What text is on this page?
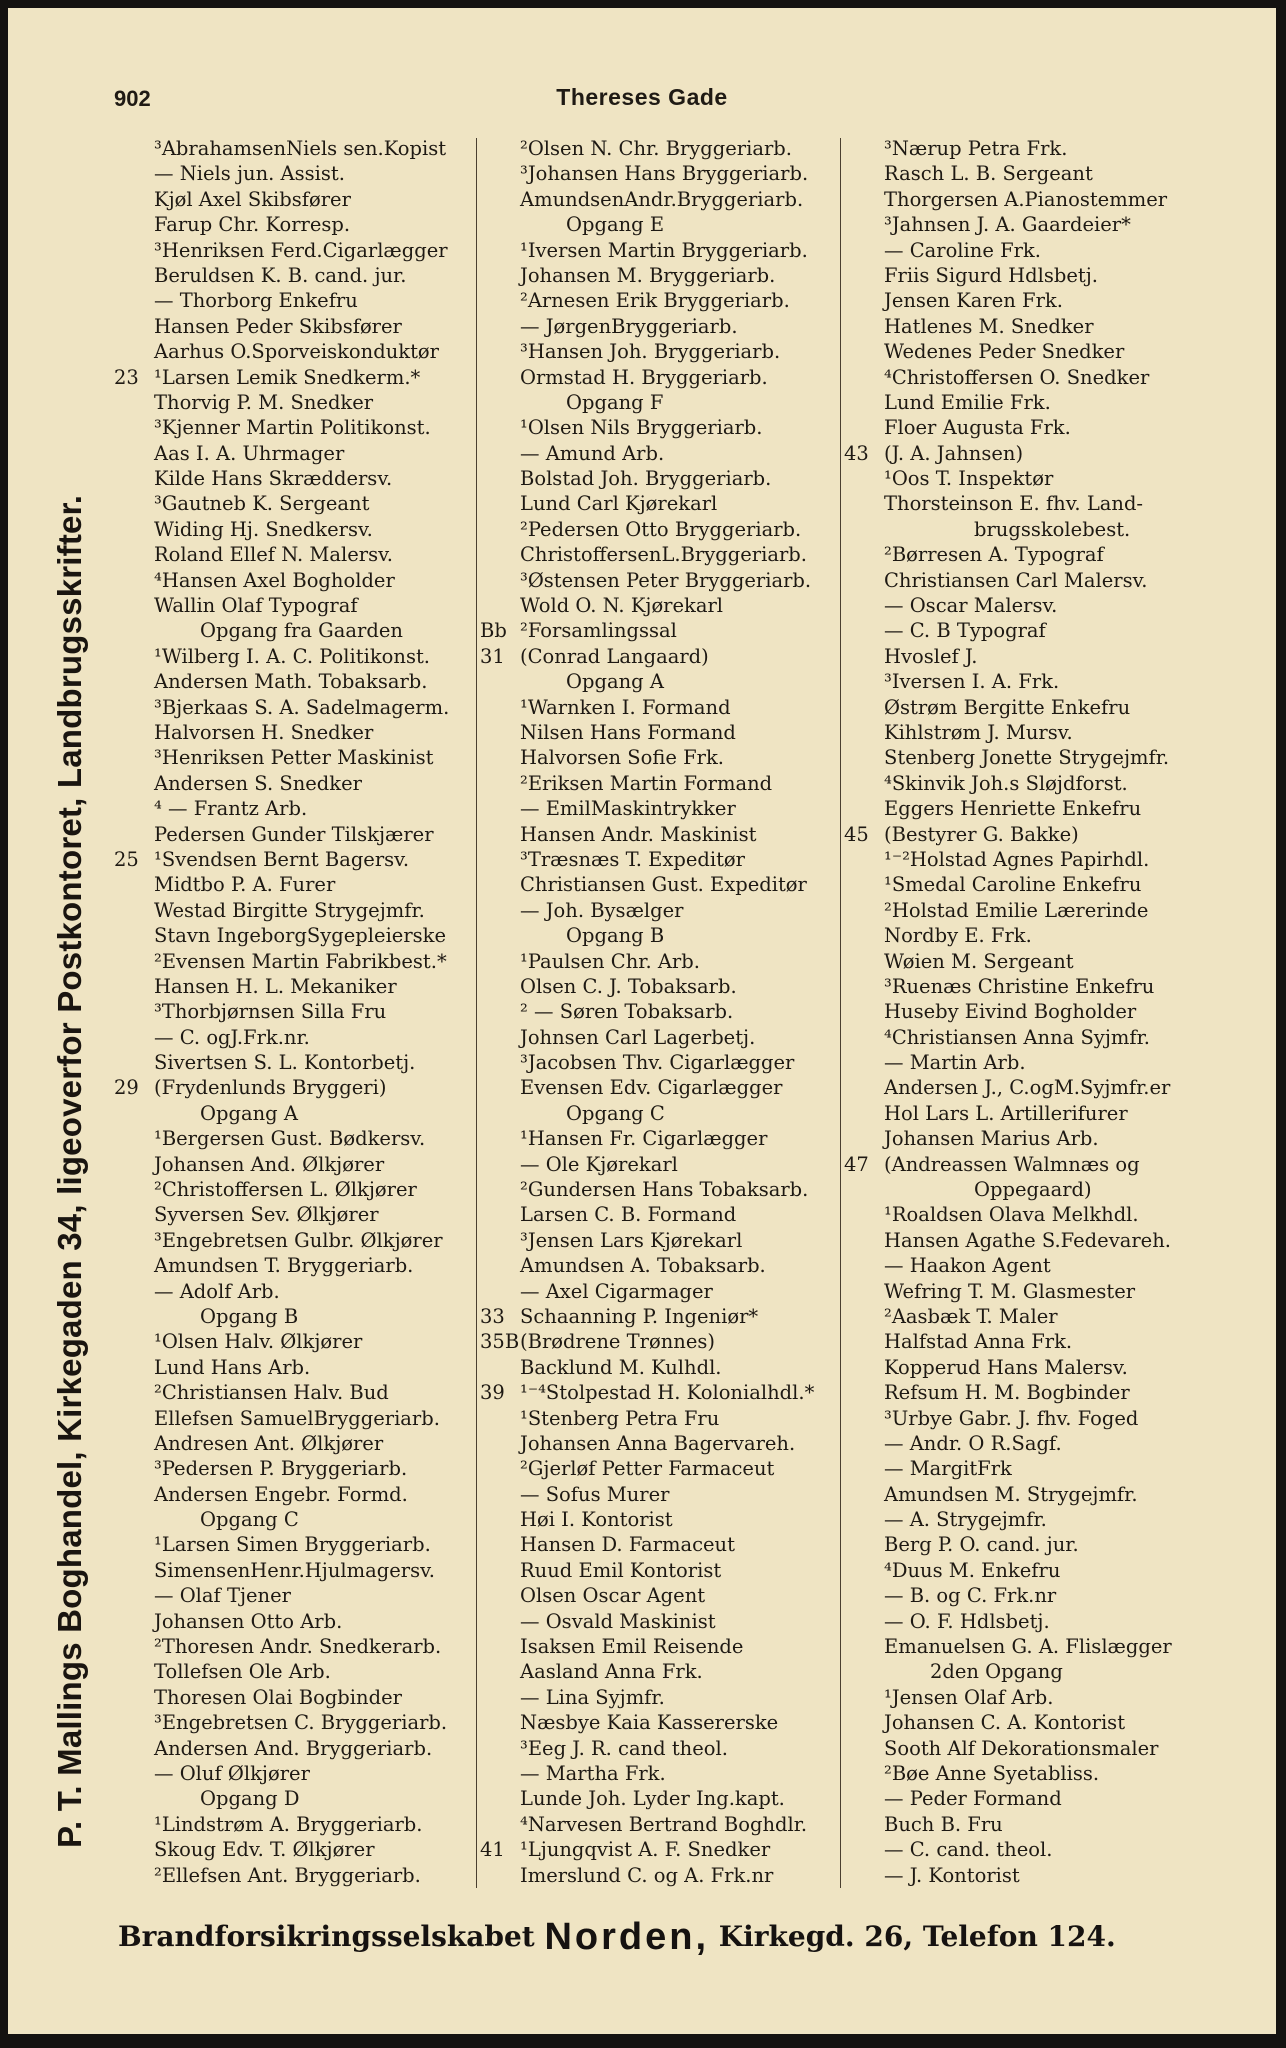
902	Thereses Gade
P. T. Mallings Boghandel, Kirkegaden 34, ligeoverfor Postkontoret, Landbrugsskrifter.
³AbrahamsenNiels sen.Kopist
— Niels jun. Assist.
Kjøl Axel Skibsfører
Farup Chr. Korresp.
³Henriksen Ferd.Cigarlægger
Beruldsen K. B. cand. jur.
— Thorborg Enkefru
Hansen Peder Skibsfører
Aarhus O.Sporveiskonduktør
23 ¹Larsen Lemik Snedkerm.*
Thorvig P. M. Snedker
³Kjenner Martin Politikonst.
Aas I. A. Uhrmager
Kilde Hans Skræddersv.
³Gautneb K. Sergeant
Widing Hj. Snedkersv.
Roland Ellef N. Malersv.
⁴Hansen Axel Bogholder
Wallin Olaf Typograf
Opgang fra Gaarden
¹Wilberg I. A. C. Politikonst.
Andersen Math. Tobaksarb.
³Bjerkaas S. A. Sadelmagerm.
Halvorsen H. Snedker
³Henriksen Petter Maskinist
Andersen S. Snedker
⁴ — Frantz Arb.
Pedersen Gunder Tilskjærer
25 ¹Svendsen Bernt Bagersv.
Midtbo P. A. Furer
Westad Birgitte Strygejmfr.
Stavn IngeborgSygepleierske
²Evensen Martin Fabrikbest.*
Hansen H. L. Mekaniker
³Thorbjørnsen Silla Fru
— C. ogJ.Frk.nr.
Sivertsen S. L. Kontorbetj.
29 (Frydenlunds Bryggeri)
Opgang A
¹Bergersen Gust. Bødkersv.
Johansen And. Ølkjører
²Christoffersen L. Ølkjører
Syversen Sev. Ølkjører
³Engebretsen Gulbr. Ølkjører
Amundsen T. Bryggeriarb.
— Adolf Arb.
Opgang B
¹Olsen Halv. Ølkjører
Lund Hans Arb.
²Christiansen Halv. Bud
Ellefsen SamuelBryggeriarb.
Andresen Ant. Ølkjører
³Pedersen P. Bryggeriarb.
Andersen Engebr. Formd.
Opgang C
¹Larsen Simen Bryggeriarb.
SimensenHenr.Hjulmagersv.
— Olaf Tjener
Johansen Otto Arb.
²Thoresen Andr. Snedkerarb.
Tollefsen Ole Arb.
Thoresen Olai Bogbinder
³Engebretsen C. Bryggeriarb.
Andersen And. Bryggeriarb.
— Oluf Ølkjører
Opgang D
¹Lindstrøm A. Bryggeriarb.
Skoug Edv. T. Ølkjører
²Ellefsen Ant. Bryggeriarb.
²Olsen N. Chr. Bryggeriarb.
³Johansen Hans Bryggeriarb.
AmundsenAndr.Bryggeriarb.
Opgang E
¹Iversen Martin Bryggeriarb.
Johansen M. Bryggeriarb.
²Arnesen Erik Bryggeriarb.
— JørgenBryggeriarb.
³Hansen Joh. Bryggeriarb.
Ormstad H. Bryggeriarb.
Opgang F
¹Olsen Nils Bryggeriarb.
— Amund Arb.
Bolstad Joh. Bryggeriarb.
Lund Carl Kjørekarl
²Pedersen Otto Bryggeriarb.
ChristoffersenL.Bryggeriarb.
³Østensen Peter Bryggeriarb.
Wold O. N. Kjørekarl
Bb ²Forsamlingssal
31 (Conrad Langaard)
Opgang A
¹Warnken I. Formand
Nilsen Hans Formand
Halvorsen Sofie Frk.
²Eriksen Martin Formand
— EmilMaskintrykker
Hansen Andr. Maskinist
³Træsnæs T. Expeditør
Christiansen Gust. Expeditør
— Joh. Bysælger
Opgang B
¹Paulsen Chr. Arb.
Olsen C. J. Tobaksarb.
² — Søren Tobaksarb.
Johnsen Carl Lagerbetj.
³Jacobsen Thv. Cigarlægger
Evensen Edv. Cigarlægger
Opgang C
¹Hansen Fr. Cigarlægger
— Ole Kjørekarl
²Gundersen Hans Tobaksarb.
Larsen C. B. Formand
³Jensen Lars Kjørekarl
Amundsen A. Tobaksarb.
— Axel Cigarmager
33 Schaanning P. Ingeniør*
35B (Brødrene Trønnes)
Backlund M. Kulhdl.
39 ¹⁻⁴Stolpestad H. Kolonialhdl.*
¹Stenberg Petra Fru
Johansen Anna Bagervareh.
²Gjerløf Petter Farmaceut
— Sofus Murer
Høi I. Kontorist
Hansen D. Farmaceut
Ruud Emil Kontorist
Olsen Oscar Agent
— Osvald Maskinist
Isaksen Emil Reisende
Aasland Anna Frk.
— Lina Syjmfr.
Næsbye Kaia Kassererske
³Eeg J. R. cand theol.
— Martha Frk.
Lunde Joh. Lyder Ing.kapt.
⁴Narvesen Bertrand Boghdlr.
41 ¹Ljungqvist A. F. Snedker
Imerslund C. og A. Frk.nr
³Nærup Petra Frk.
Rasch L. B. Sergeant
Thorgersen A.Pianostemmer
³Jahnsen J. A. Gaardeier*
— Caroline Frk.
Friis Sigurd Hdlsbetj.
Jensen Karen Frk.
Hatlenes M. Snedker
Wedenes Peder Snedker
⁴Christoffersen O. Snedker
Lund Emilie Frk.
Floer Augusta Frk.
43 (J. A. Jahnsen)
¹Oos T. Inspektør
Thorsteinson E. fhv. Land-
brugsskolebest.
²Børresen A. Typograf
Christiansen Carl Malersv.
— Oscar Malersv.
— C. B Typograf
Hvoslef J.
³Iversen I. A. Frk.
Østrøm Bergitte Enkefru
Kihlstrøm J. Mursv.
Stenberg Jonette Strygejmfr.
⁴Skinvik Joh.s Sløjdforst.
Eggers Henriette Enkefru
45 (Bestyrer G. Bakke)
¹⁻²Holstad Agnes Papirhdl.
¹Smedal Caroline Enkefru
²Holstad Emilie Lærerinde
Nordby E. Frk.
Wøien M. Sergeant
³Ruenæs Christine Enkefru
Huseby Eivind Bogholder
⁴Christiansen Anna Syjmfr.
— Martin Arb.
Andersen J., C.ogM.Syjmfr.er
Hol Lars L. Artillerifurer
Johansen Marius Arb.
47 (Andreassen Walmnæs og
Oppegaard)
¹Roaldsen Olava Melkhdl.
Hansen Agathe S.Fedevareh.
— Haakon Agent
Wefring T. M. Glasmester
²Aasbæk T. Maler
Halfstad Anna Frk.
Kopperud Hans Malersv.
Refsum H. M. Bogbinder
³Urbye Gabr. J. fhv. Foged
— Andr. O R.Sagf.
— MargitFrk
Amundsen M. Strygejmfr.
— A. Strygejmfr.
Berg P. O. cand. jur.
⁴Duus M. Enkefru
— B. og C. Frk.nr
— O. F. Hdlsbetj.
Emanuelsen G. A. Flislægger
2den Opgang
¹Jensen Olaf Arb.
Johansen C. A. Kontorist
Sooth Alf Dekorationsmaler
²Bøe Anne Syetabliss.
— Peder Formand
Buch B. Fru
— C. cand. theol.
— J. Kontorist
Brandforsikringsselskabet Norden, Kirkegd. 26, Telefon 124.
